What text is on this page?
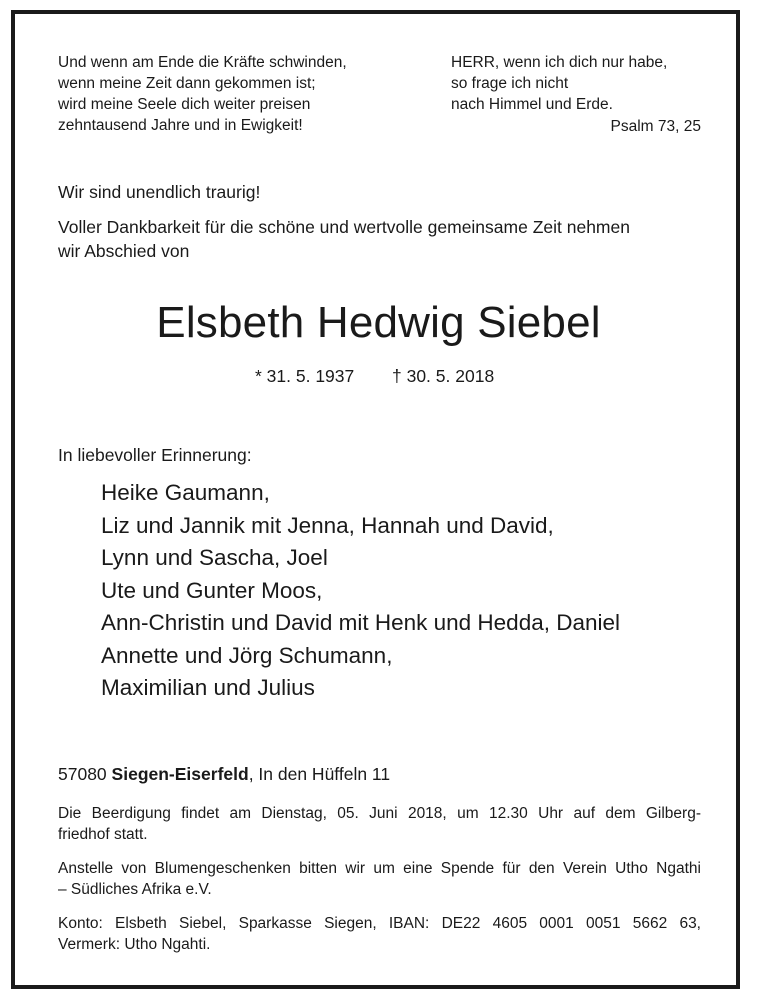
Und wenn am Ende die Kräfte schwinden,
wenn meine Zeit dann gekommen ist;
wird meine Seele dich weiter preisen
zehntausend Jahre und in Ewigkeit!
HERR, wenn ich dich nur habe,
so frage ich nicht
nach Himmel und Erde.
Psalm 73, 25
Wir sind unendlich traurig!
Voller Dankbarkeit für die schöne und wertvolle gemeinsame Zeit nehmen
wir Abschied von
Elsbeth Hedwig Siebel
* 31. 5. 1937 † 30. 5. 2018
In liebevoller Erinnerung:
Heike Gaumann,
Liz und Jannik mit Jenna, Hannah und David,
Lynn und Sascha, Joel
Ute und Gunter Moos,
Ann-Christin und David mit Henk und Hedda, Daniel
Annette und Jörg Schumann,
Maximilian und Julius
57080 Siegen-Eiserfeld, In den Hüffeln 11
Die Beerdigung findet am Dienstag, 05. Juni 2018, um 12.30 Uhr auf dem Gilberg-
friedhof statt.
Anstelle von Blumengeschenken bitten wir um eine Spende für den Verein Utho Ngathi
– Südliches Afrika e.V.
Konto: Elsbeth Siebel, Sparkasse Siegen, IBAN: DE22 4605 0001 0051 5662 63,
Vermerk: Utho Ngahti.
